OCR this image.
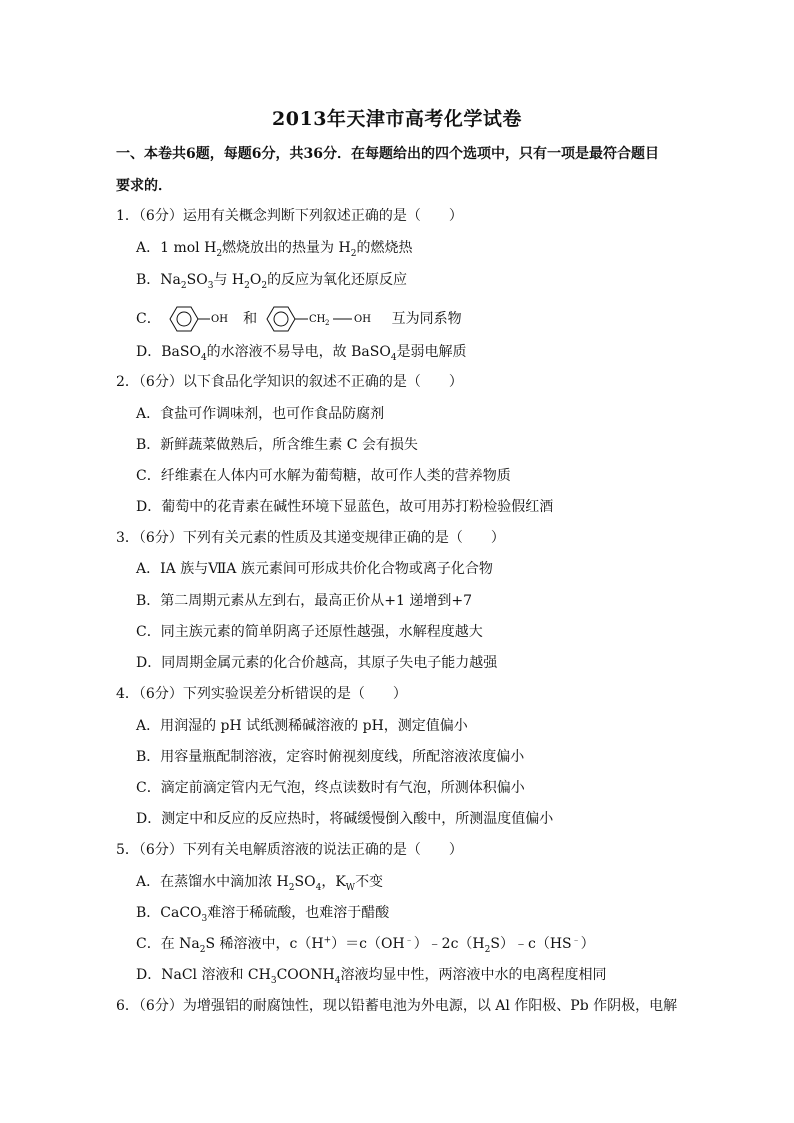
2013年天津市高考化学试卷
一、本卷共6题，每题6分，共36分．在每题给出的四个选项中，只有一项是最符合题目
要求的．
1．（6分）运用有关概念判断下列叙述正确的是（　　）
A．1 mol $H_2$燃烧放出的热量为 $H_2$的燃烧热
B．$Na_2SO_3$与 $H_2O_2$的反应为氧化还原反应
C．	OH 和	CH 2 OH 互为同系物
D．BaSO$_4$的水溶液不易导电，故 BaSO$_4$是弱电解质
2．（6分）以下食品化学知识的叙述不正确的是（　　）
A．食盐可作调味剂，也可作食品防腐剂
B．新鲜蔬菜做熟后，所含维生素 C 会有损失
C．纤维素在人体内可水解为葡萄糖，故可作人类的营养物质
D．葡萄中的花青素在碱性环境下显蓝色，故可用苏打粉检验假红酒
3．（6分）下列有关元素的性质及其递变规律正确的是（　　）
A．ⅠA 族与ⅦA 族元素间可形成共价化合物或离子化合物
B．第二周期元素从左到右，最高正价从+1 递增到+7
C．同主族元素的简单阴离子还原性越强，水解程度越大
D．同周期金属元素的化合价越高，其原子失电子能力越强
4．（6分）下列实验误差分析错误的是（　　）
A．用润湿的 pH 试纸测稀碱溶液的 pH，测定值偏小
B．用容量瓶配制溶液，定容时俯视刻度线，所配溶液浓度偏小
C．滴定前滴定管内无气泡，终点读数时有气泡，所测体积偏小
D．测定中和反应的反应热时，将碱缓慢倒入酸中，所测温度值偏小
5．（6分）下列有关电解质溶液的说法正确的是（　　）
A．在蒸馏水中滴加浓 $H_2SO_4$，$K_W$不变
B．CaCO$_3$难溶于稀硫酸，也难溶于醋酸
C．在 $Na_2S$ 稀溶液中，$c(H^+)=c(OH^﹣)﹣2c(H_2S)﹣c(HS^﹣)$
D．NaCl 溶液和 $CH_3COONH_4$溶液均显中性，两溶液中水的电离程度相同
6．（6分）为增强铝的耐腐蚀性，现以铅蓄电池为外电源，以 Al 作阳极、Pb 作阴极，电解
